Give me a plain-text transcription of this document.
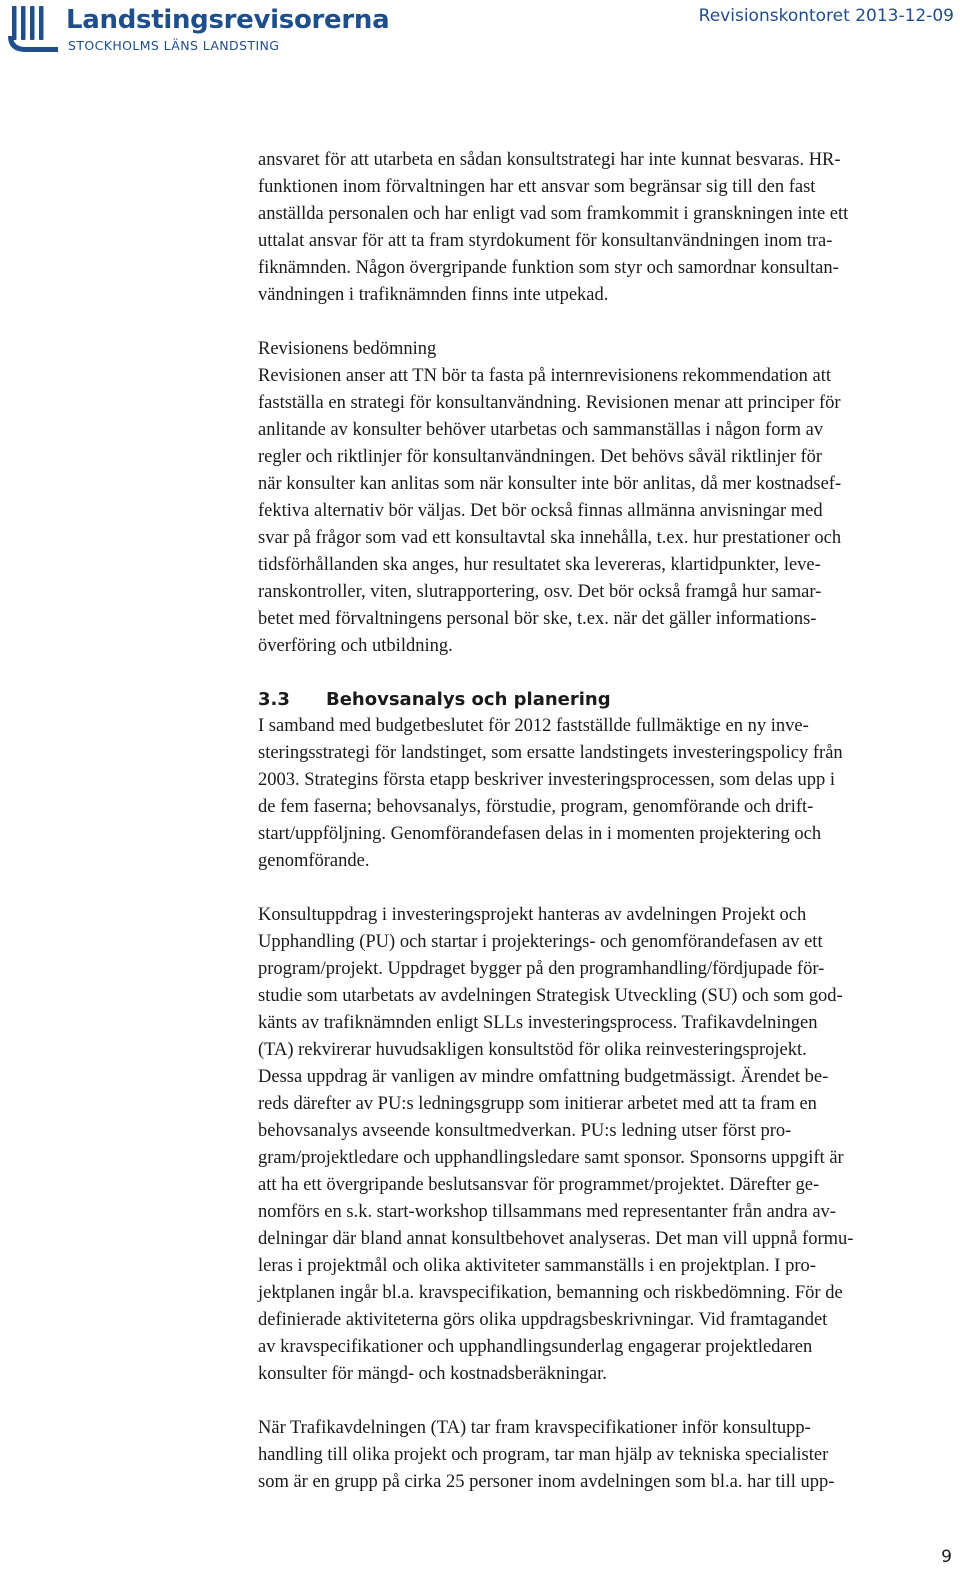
Landstingsrevisorerna
STOCKHOLMS LÄNS LANDSTING
Revisionskontoret 2013-12-09

ansvaret för att utarbeta en sådan konsultstrategi har inte kunnat besvaras. HR-
funktionen inom förvaltningen har ett ansvar som begränsar sig till den fast
anställda personalen och har enligt vad som framkommit i granskningen inte ett
uttalat ansvar för att ta fram styrdokument för konsultanvändningen inom tra-
fiknämnden. Någon övergripande funktion som styr och samordnar konsultan-
vändningen i trafiknämnden finns inte utpekad.

Revisionens bedömning
Revisionen anser att TN bör ta fasta på internrevisionens rekommendation att
fastställa en strategi för konsultanvändning. Revisionen menar att principer för
anlitande av konsulter behöver utarbetas och sammanställas i någon form av
regler och riktlinjer för konsultanvändningen. Det behövs såväl riktlinjer för
när konsulter kan anlitas som när konsulter inte bör anlitas, då mer kostnadsef-
fektiva alternativ bör väljas. Det bör också finnas allmänna anvisningar med
svar på frågor som vad ett konsultavtal ska innehålla, t.ex. hur prestationer och
tidsförhållanden ska anges, hur resultatet ska levereras, klartidpunkter, leve-
ranskontroller, viten, slutrapportering, osv. Det bör också framgå hur samar-
betet med förvaltningens personal bör ske, t.ex. när det gäller informations-
överföring och utbildning.

3.3 Behovsanalys och planering

I samband med budgetbeslutet för 2012 fastställde fullmäktige en ny inve-
steringsstrategi för landstinget, som ersatte landstingets investeringspolicy från
2003. Strategins första etapp beskriver investeringsprocessen, som delas upp i
de fem faserna; behovsanalys, förstudie, program, genomförande och drift-
start/uppföljning. Genomförandefasen delas in i momenten projektering och
genomförande.

Konsultuppdrag i investeringsprojekt hanteras av avdelningen Projekt och
Upphandling (PU) och startar i projekterings- och genomförandefasen av ett
program/projekt. Uppdraget bygger på den programhandling/fördjupade för-
studie som utarbetats av avdelningen Strategisk Utveckling (SU) och som god-
känts av trafiknämnden enligt SLLs investeringsprocess. Trafikavdelningen
(TA) rekvirerar huvudsakligen konsultstöd för olika reinvesteringsprojekt.
Dessa uppdrag är vanligen av mindre omfattning budgetmässigt. Ärendet be-
reds därefter av PU:s ledningsgrupp som initierar arbetet med att ta fram en
behovsanalys avseende konsultmedverkan. PU:s ledning utser först pro-
gram/projektledare och upphandlingsledare samt sponsor. Sponsorns uppgift är
att ha ett övergripande beslutsansvar för programmet/projektet. Därefter ge-
nomförs en s.k. start-workshop tillsammans med representanter från andra av-
delningar där bland annat konsultbehovet analyseras. Det man vill uppnå formu-
leras i projektmål och olika aktiviteter sammanställs i en projektplan. I pro-
jektplanen ingår bl.a. kravspecifikation, bemanning och riskbedömning. För de
definierade aktiviteterna görs olika uppdragsbeskrivningar. Vid framtagandet
av kravspecifikationer och upphandlingsunderlag engagerar projektledaren
konsulter för mängd- och kostnadsberäkningar.

När Trafikavdelningen (TA) tar fram kravspecifikationer inför konsultupp-
handling till olika projekt och program, tar man hjälp av tekniska specialister
som är en grupp på cirka 25 personer inom avdelningen som bl.a. har till upp-

9
